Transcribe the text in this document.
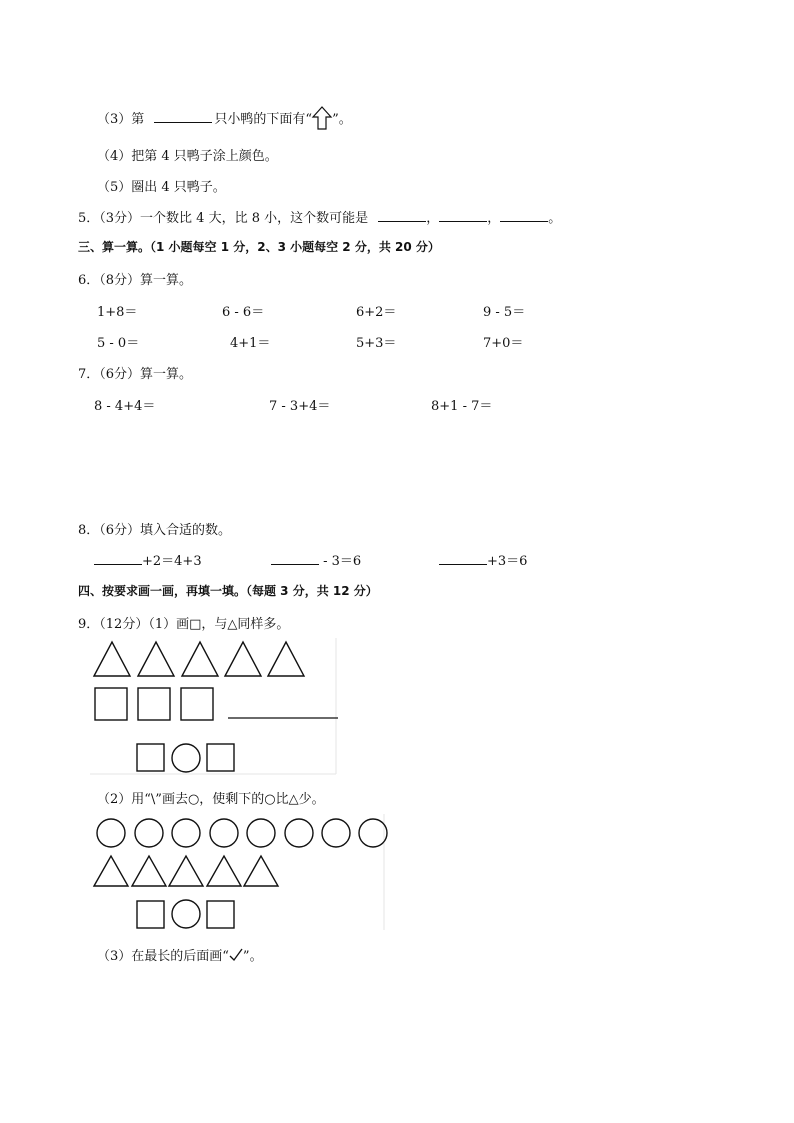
（3）第	只小鸭的下面有“ ”。
（4）把第 4 只鸭子涂上颜色。
（5）圈出 4 只鸭子。
5．（3分）一个数比 4 大，比 8 小，这个数可能是	，	，	。
三、算一算。（1 小题每空 1 分，2、3 小题每空 2 分，共 20 分）
6．（8分）算一算。
1+8＝	6 - 6＝	6+2＝	9 - 5＝
5 - 0＝	4+1＝	5+3＝	7+0＝
7．（6分）算一算。
8 - 4+4＝	7 - 3+4＝	8+1 - 7＝
8．（6分）填入合适的数。
+2＝4+3	- 3＝6	+3＝6
四、按要求画一画，再填一填。（每题 3 分，共 12 分）
9．（12分）（1）画□，与△同样多。
（2）用“\”画去○，使剩下的○比△少。
（3）在最长的后面画“ ”。
